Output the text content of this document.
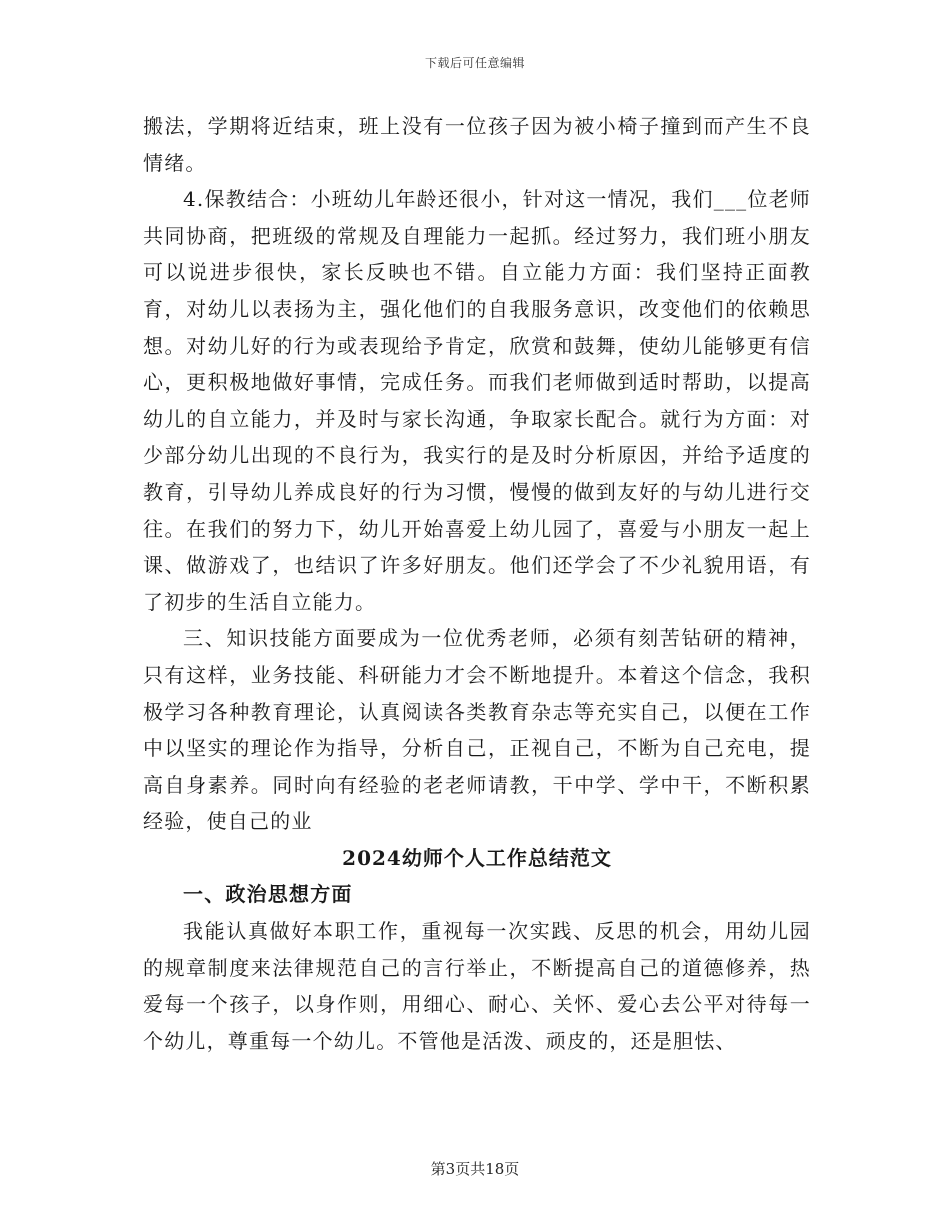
下载后可任意编辑

搬法，学期将近结束，班上没有一位孩子因为被小椅子撞到而产生不良情绪。

4.保教结合：小班幼儿年龄还很小，针对这一情况，我们___位老师共同协商，把班级的常规及自理能力一起抓。经过努力，我们班小朋友可以说进步很快，家长反映也不错。自立能力方面：我们坚持正面教育，对幼儿以表扬为主，强化他们的自我服务意识，改变他们的依赖思想。对幼儿好的行为或表现给予肯定，欣赏和鼓舞，使幼儿能够更有信心，更积极地做好事情，完成任务。而我们老师做到适时帮助，以提高幼儿的自立能力，并及时与家长沟通，争取家长配合。就行为方面：对少部分幼儿出现的不良行为，我实行的是及时分析原因，并给予适度的教育，引导幼儿养成良好的行为习惯，慢慢的做到友好的与幼儿进行交往。在我们的努力下，幼儿开始喜爱上幼儿园了，喜爱与小朋友一起上课、做游戏了，也结识了许多好朋友。他们还学会了不少礼貌用语，有了初步的生活自立能力。

三、知识技能方面要成为一位优秀老师，必须有刻苦钻研的精神，只有这样，业务技能、科研能力才会不断地提升。本着这个信念，我积极学习各种教育理论，认真阅读各类教育杂志等充实自己，以便在工作中以坚实的理论作为指导，分析自己，正视自己，不断为自己充电，提高自身素养。同时向有经验的老老师请教，干中学、学中干，不断积累经验，使自己的业

2024幼师个人工作总结范文

一、政治思想方面

我能认真做好本职工作，重视每一次实践、反思的机会，用幼儿园的规章制度来法律规范自己的言行举止，不断提高自己的道德修养，热爱每一个孩子，以身作则，用细心、耐心、关怀、爱心去公平对待每一个幼儿，尊重每一个幼儿。不管他是活泼、顽皮的，还是胆怯、

第3页共18页
